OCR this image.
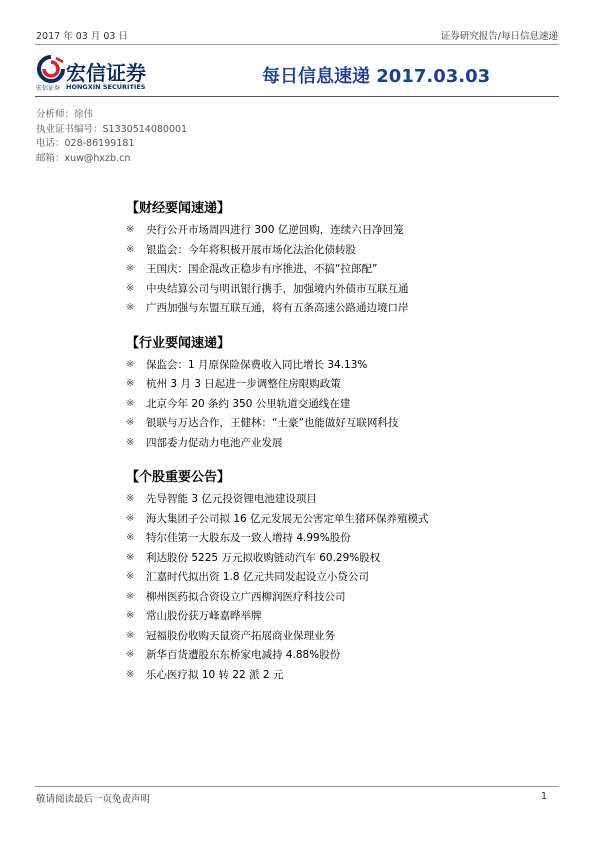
2017 年 03 月 03 日	证券研究报告/每日信息速递
宏信证券
宏信证券 HONGXIN SECURITIES	每日信息速递 2017.03.03
分析师：徐伟
执业证书编号：S1330514080001
电话：028-86199181
邮箱：xuw@hxzb.cn
【财经要闻速递】
※	央行公开市场周四进行 300 亿逆回购，连续六日净回笼
※	银监会：今年将积极开展市场化法治化债转股
※	王国庆：国企混改正稳步有序推进，不搞“拉郎配”
※	中央结算公司与明讯银行携手，加强境内外债市互联互通
※	广西加强与东盟互联互通，将有五条高速公路通边境口岸
【行业要闻速递】
※	保监会：1 月原保险保费收入同比增长 34.13%
※	杭州 3 月 3 日起进一步调整住房限购政策
※	北京今年 20 条约 350 公里轨道交通线在建
※	银联与万达合作，王健林：“土豪”也能做好互联网科技
※	四部委力促动力电池产业发展
【个股重要公告】
※	先导智能 3 亿元投资锂电池建设项目
※	海大集团子公司拟 16 亿元发展无公害定单生猪环保养殖模式
※	特尔佳第一大股东及一致人增持 4.99%股份
※	利达股份 5225 万元拟收购链动汽车 60.29%股权
※	汇嘉时代拟出资 1.8 亿元共同发起设立小贷公司
※	柳州医药拟合资设立广西柳润医疗科技公司
※	常山股份获万峰嘉晔举牌
※	冠福股份收购天鼠资产拓展商业保理业务
※	新华百货遭股东东桥家电减持 4.88%股份
※	乐心医疗拟 10 转 22 派 2 元
敬请阅读最后一页免责声明	1
